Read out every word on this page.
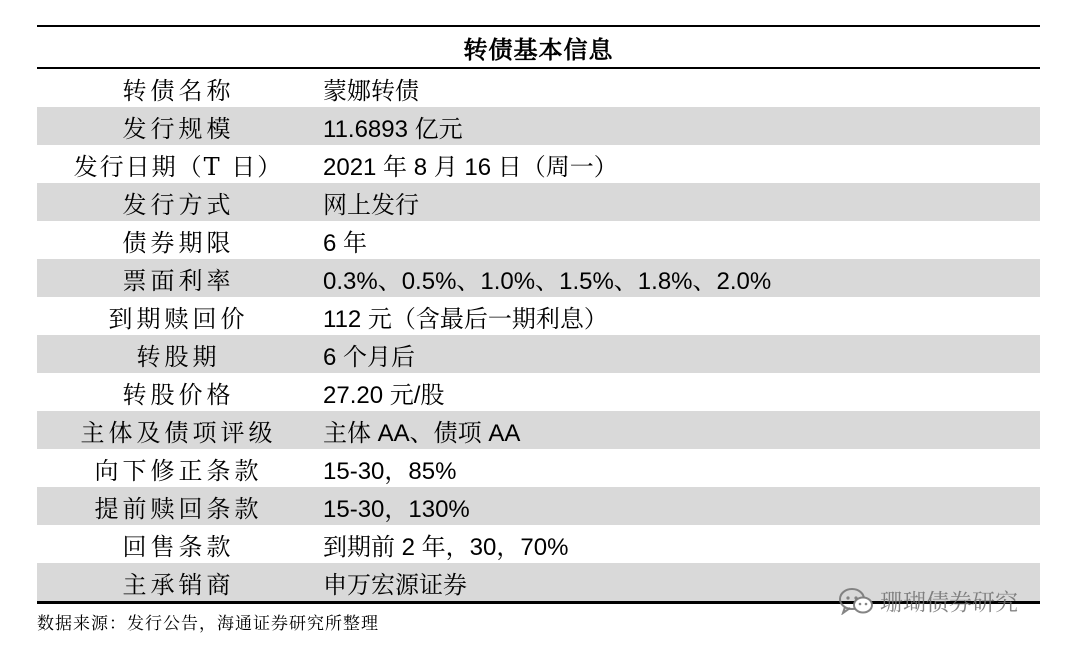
转债基本信息
转债名称	蒙娜转债
发行规模	11.6893 亿元
发行日期（T 日）	2021 年 8 月 16 日（周一）
发行方式	网上发行
债券期限	6 年
票面利率	0.3%、0.5%、1.0%、1.5%、1.8%、2.0%
到期赎回价	112 元（含最后一期利息）
转股期	6 个月后
转股价格	27.20 元/股
主体及债项评级	主体 AA、债项 AA
向下修正条款	15-30，85%
提前赎回条款	15-30，130%
回售条款	到期前 2 年，30，70%
主承销商	申万宏源证券
数据来源：发行公告，海通证券研究所整理
珊瑚债券研究
